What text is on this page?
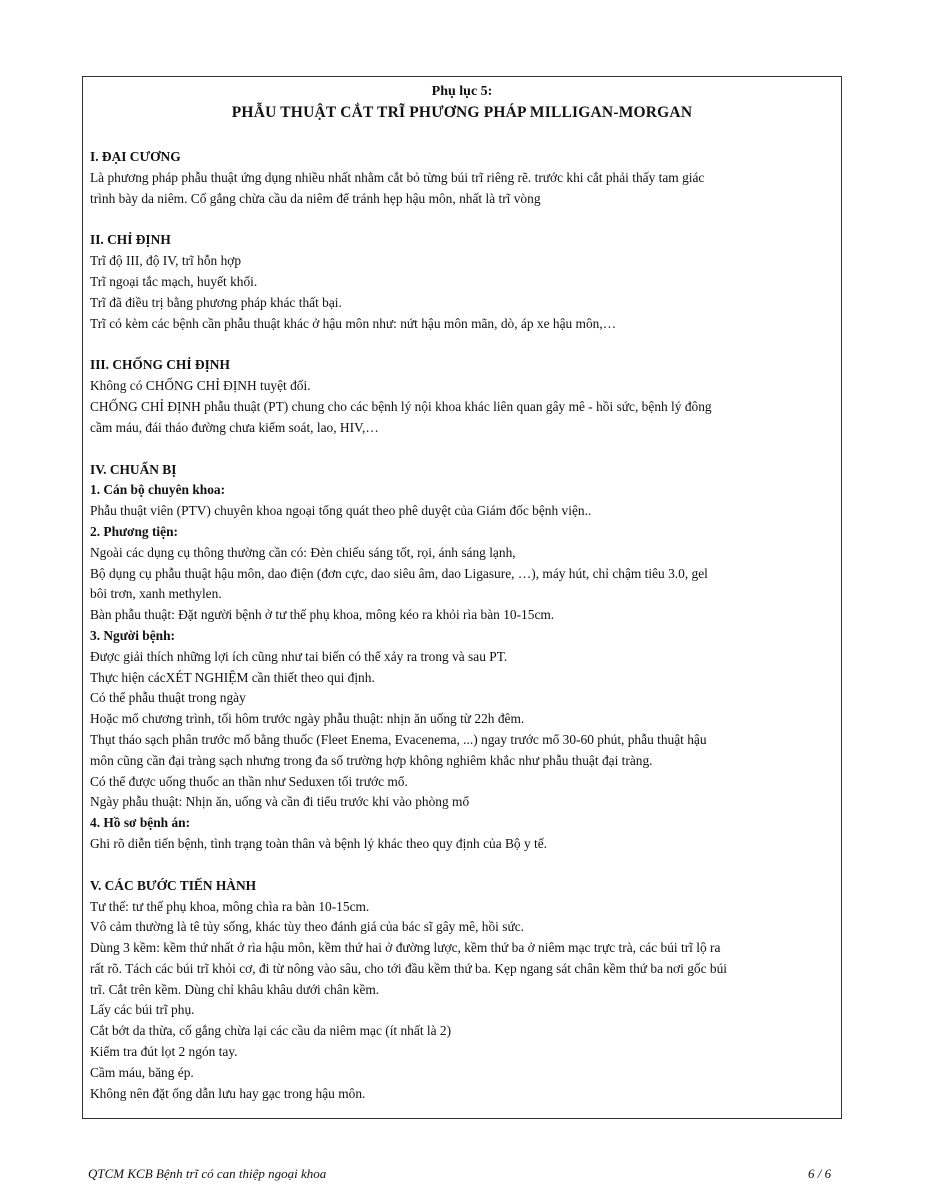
Phụ lục 5:
PHẪU THUẬT CẮT TRĨ PHƯƠNG PHÁP MILLIGAN-MORGAN
I. ĐẠI CƯƠNG
Là phương pháp phẫu thuật ứng dụng nhiều nhất nhằm cắt bỏ từng búi trĩ riêng rẽ. trước khi cắt phải thấy tam giác
trình bày da niêm. Cố gắng chừa cầu da niêm để tránh hẹp hậu môn, nhất là trĩ vòng
II. CHỈ ĐỊNH
Trĩ độ III, độ IV, trĩ hỗn hợp
Trĩ ngoại tắc mạch, huyết khối.
Trĩ đã điều trị bằng phương pháp khác thất bại.
Trĩ có kèm các bệnh cần phẫu thuật khác ở hậu môn như: nứt hậu môn mãn, dò, áp xe hậu môn,…
III. CHỐNG CHỈ ĐỊNH
Không có CHỐNG CHỈ ĐỊNH tuyệt đối.
CHỐNG CHỈ ĐỊNH phẫu thuật (PT) chung cho các bệnh lý nội khoa khác liên quan gây mê - hồi sức, bệnh lý đông
cầm máu, đái tháo đường chưa kiểm soát, lao, HIV,…
IV. CHUẨN BỊ
1. Cán bộ chuyên khoa:
Phẫu thuật viên (PTV) chuyên khoa ngoại tổng quát theo phê duyệt của Giám đốc bệnh viện..
2. Phương tiện:
Ngoài các dụng cụ thông thường cần có: Đèn chiếu sáng tốt, rọi, ánh sáng lạnh,
Bộ dụng cụ phẫu thuật hậu môn, dao điện (đơn cực, dao siêu âm, dao Ligasure, …), máy hút, chỉ chậm tiêu 3.0, gel
bôi trơn, xanh methylen.
Bàn phẫu thuật: Đặt người bệnh ở tư thế phụ khoa, mông kéo ra khỏi rìa bàn 10-15cm.
3. Người bệnh:
Được giải thích những lợi ích cũng như tai biến có thể xảy ra trong và sau PT.
Thực hiện cácXÉT NGHIỆM cần thiết theo qui định.
Có thể phẫu thuật trong ngày
Hoặc mổ chương trình, tối hôm trước ngày phẫu thuật: nhịn ăn uống từ 22h đêm.
Thụt tháo sạch phân trước mổ bằng thuốc (Fleet Enema, Evacenema, ...) ngay trước mổ 30-60 phút, phẫu thuật hậu
môn cũng cần đại tràng sạch nhưng trong đa số trường hợp không nghiêm khắc như phẫu thuật đại tràng.
Có thể được uống thuốc an thần như Seduxen tối trước mổ.
Ngày phẫu thuật: Nhịn ăn, uống và cần đi tiểu trước khi vào phòng mổ
4. Hồ sơ bệnh án:
Ghi rõ diễn tiến bệnh, tình trạng toàn thân và bệnh lý khác theo quy định của Bộ y tế.
V. CÁC BƯỚC TIẾN HÀNH
Tư thế: tư thế phụ khoa, mông chìa ra bàn 10-15cm.
Vô cảm thường là tê tủy sống, khác tùy theo đánh giá của bác sĩ gây mê, hồi sức.
Dùng 3 kềm: kềm thứ nhất ở rìa hậu môn, kềm thứ hai ở đường lược, kềm thứ ba ở niêm mạc trực trà, các búi trĩ lộ ra
rất rõ. Tách các búi trĩ khỏi cơ, đi từ nông vào sâu, cho tới đầu kềm thứ ba. Kẹp ngang sát chân kềm thứ ba nơi gốc búi
trĩ. Cắt trên kềm. Dùng chỉ khâu khâu dưới chân kềm.
Lấy các búi trĩ phụ.
Cắt bớt da thừa, cố gắng chừa lại các cầu da niêm mạc (ít nhất là 2)
Kiểm tra đút lọt 2 ngón tay.
Cầm máu, băng ép.
Không nên đặt ống dẫn lưu hay gạc trong hậu môn.
QTCM KCB Bệnh trĩ có can thiệp ngoại khoa	6 / 6
